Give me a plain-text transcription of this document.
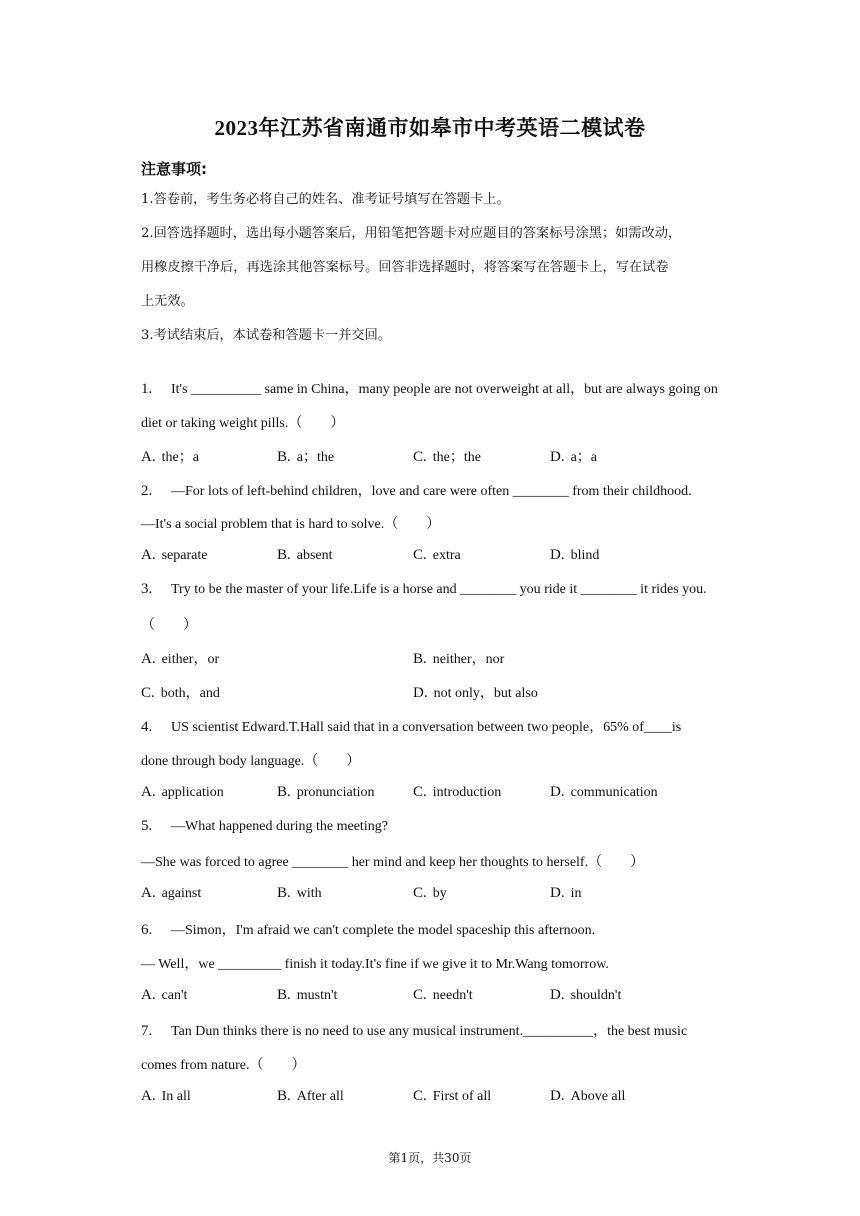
2023年江苏省南通市如皋市中考英语二模试卷
注意事项:
1.答卷前，考生务必将自己的姓名、准考证号填写在答题卡上。
2.回答选择题时，选出每小题答案后，用铅笔把答题卡对应题目的答案标号涂黑；如需改动，
用橡皮擦干净后，再选涂其他答案标号。回答非选择题时，将答案写在答题卡上，写在试卷
上无效。
3.考试结束后，本试卷和答题卡一并交回。
1. It's __________ same in China，many people are not overweight at all，but are always going on
diet or taking weight pills.（　　）
A. the；a	B. a；the	C. the；the	D. a；a
2. —For lots of left-behind children，love and care were often ________ from their childhood.
—It's a social problem that is hard to solve.（　　）
A. separate	B. absent	C. extra	D. blind
3. Try to be the master of your life.Life is a horse and ________ you ride it ________ it rides you.
（　　）
A. either，or	B. neither，nor
C. both，and	D. not only，but also
4. US scientist Edward.T.Hall said that in a conversation between two people，65% of____is
done through body language.（　　）
A. application	B. pronunciation	C. introduction	D. communication
5. —What happened during the meeting?
—She was forced to agree ________ her mind and keep her thoughts to herself.（　　）
A. against	B. with	C. by	D. in
6. —Simon，I'm afraid we can't complete the model spaceship this afternoon.
— Well，we _________ finish it today.It's fine if we give it to Mr.Wang tomorrow.
A. can't	B. mustn't	C. needn't	D. shouldn't
7. Tan Dun thinks there is no need to use any musical instrument.__________，the best music
comes from nature.（　　）
A. In all	B. After all	C. First of all	D. Above all
第1页，共30页
